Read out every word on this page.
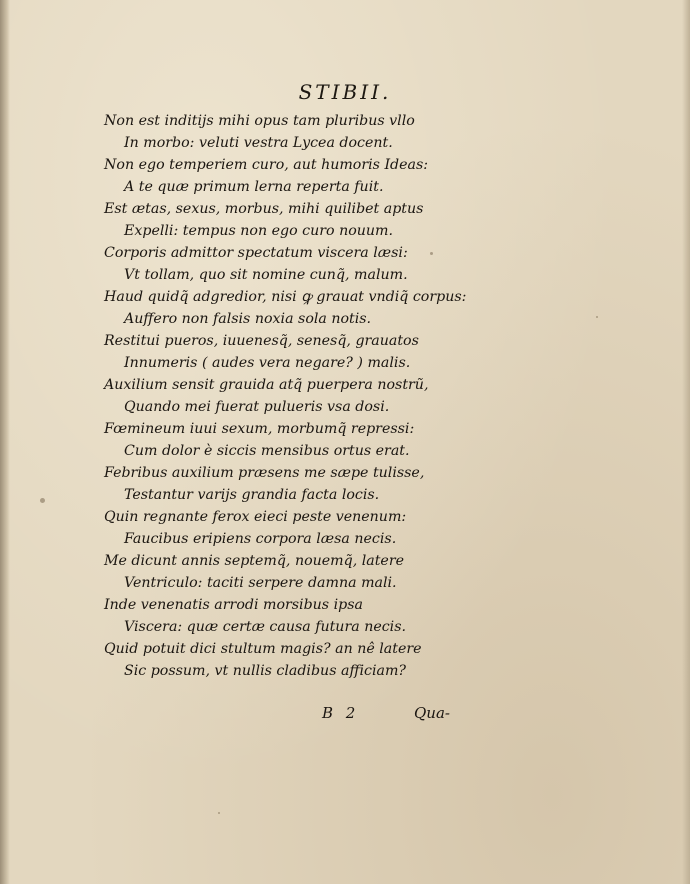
STIBII.
Non est inditijs mihi opus tam pluribus vllo
In morbo: veluti vestra Lycea docent.
Non ego temperiem curo, aut humoris Ideas:
A te quæ primum lerna reperta fuit.
Est ætas, sexus, morbus, mihi quilibet aptus
Expelli: tempus non ego curo nouum.
Corporis admittor spectatum viscera læsi:
Vt tollam, quo sit nomine cunq̃, malum.
Haud quidq̃ adgredior, nisi ꝙ grauat vndiq̃ corpus:
Auffero non falsis noxia sola notis.
Restitui pueros, iuuenesq̃, senesq̃, grauatos
Innumeris ( audes vera negare? ) malis.
Auxilium sensit grauida atq̃ puerpera nostrũ,
Quando mei fuerat pulueris vsa dosi.
Fœmineum iuui sexum, morbumq̃ repressi:
Cum dolor è siccis mensibus ortus erat.
Febribus auxilium præsens me sæpe tulisse,
Testantur varijs grandia facta locis.
Quin regnante ferox eieci peste venenum:
Faucibus eripiens corpora læsa necis.
Me dicunt annis septemq̃, nouemq̃, latere
Ventriculo: taciti serpere damna mali.
Inde venenatis arrodi morsibus ipsa
Viscera: quæ certæ causa futura necis.
Quid potuit dici stultum magis? an nê latere
Sic possum, vt nullis cladibus afficiam?
B 2	Qua-
